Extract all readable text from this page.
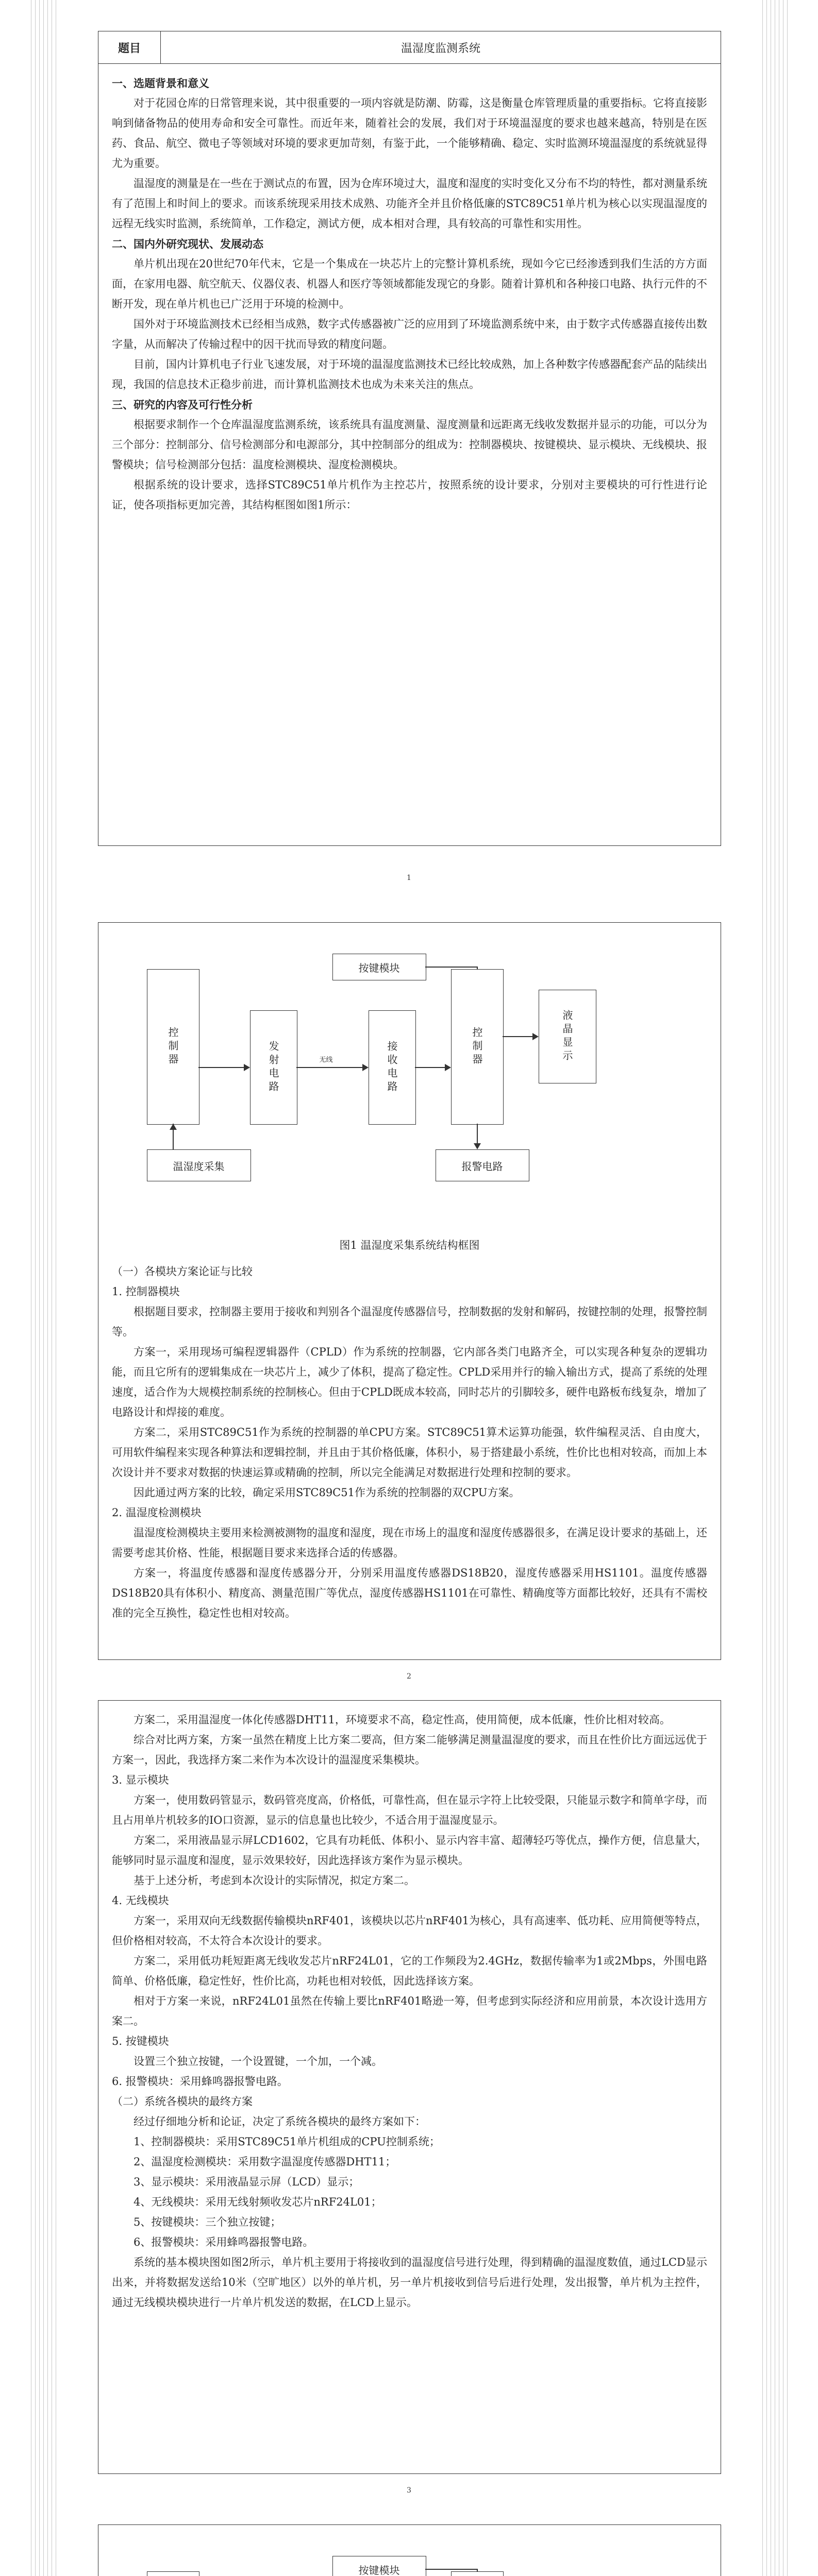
题目	温湿度监测系统

一、选题背景和意义

对于花园仓库的日常管理来说，其中很重要的一项内容就是防潮、防霉，这是衡量仓库管理质量的重要指标。它将直接影响到储备物品的使用寿命和安全可靠性。而近年来，随着社会的发展，我们对于环境温湿度的要求也越来越高，特别是在医药、食品、航空、微电子等领域对环境的要求更加苛刻，有鉴于此，一个能够精确、稳定、实时监测环境温湿度的系统就显得尤为重要。

温湿度的测量是在一些在于测试点的布置，因为仓库环境过大，温度和湿度的实时变化又分布不均的特性，都对测量系统有了范围上和时间上的要求。而该系统现采用技术成熟、功能齐全并且价格低廉的STC89C51单片机为核心以实现温湿度的远程无线实时监测，系统简单，工作稳定，测试方便，成本相对合理，具有较高的可靠性和实用性。

二、国内外研究现状、发展动态

单片机出现在20世纪70年代末，它是一个集成在一块芯片上的完整计算机系统，现如今它已经渗透到我们生活的方方面面，在家用电器、航空航天、仪器仪表、机器人和医疗等领域都能发现它的身影。随着计算机和各种接口电路、执行元件的不断开发，现在单片机也已广泛用于环境的检测中。

国外对于环境监测技术已经相当成熟，数字式传感器被广泛的应用到了环境监测系统中来，由于数字式传感器直接传出数字量，从而解决了传输过程中的因干扰而导致的精度问题。

目前，国内计算机电子行业飞速发展，对于环境的温湿度监测技术已经比较成熟，加上各种数字传感器配套产品的陆续出现，我国的信息技术正稳步前进，而计算机监测技术也成为未来关注的焦点。

三、研究的内容及可行性分析

根据要求制作一个仓库温湿度监测系统，该系统具有温度测量、湿度测量和远距离无线收发数据并显示的功能，可以分为三个部分：控制部分、信号检测部分和电源部分，其中控制部分的组成为：控制器模块、按键模块、显示模块、无线模块、报警模块；信号检测部分包括：温度检测模块、湿度检测模块。

根据系统的设计要求，选择STC89C51单片机作为主控芯片，按照系统的设计要求，分别对主要模块的可行性进行论证，使各项指标更加完善，其结构框图如图1所示：

1
控制器	发射电路	接收电路	控制器
按键模块
液晶显示
温湿度采集	报警电路
无线
图1 温湿度采集系统结构框图

（一）各模块方案论证与比较

1. 控制器模块

根据题目要求，控制器主要用于接收和判别各个温湿度传感器信号，控制数据的发射和解码，按键控制的处理，报警控制等。

方案一，采用现场可编程逻辑器件（CPLD）作为系统的控制器，它内部各类门电路齐全，可以实现各种复杂的逻辑功能，而且它所有的逻辑集成在一块芯片上，减少了体积，提高了稳定性。CPLD采用并行的输入输出方式，提高了系统的处理速度，适合作为大规模控制系统的控制核心。但由于CPLD既成本较高，同时芯片的引脚较多，硬件电路板布线复杂，增加了电路设计和焊接的难度。

方案二，采用STC89C51作为系统的控制器的单CPU方案。STC89C51算术运算功能强，软件编程灵活、自由度大，可用软件编程来实现各种算法和逻辑控制，并且由于其价格低廉，体积小，易于搭建最小系统，性价比也相对较高，而加上本次设计并不要求对数据的快速运算或精确的控制，所以完全能满足对数据进行处理和控制的要求。

因此通过两方案的比较，确定采用STC89C51作为系统的控制器的双CPU方案。

2. 温湿度检测模块

温湿度检测模块主要用来检测被测物的温度和湿度，现在市场上的温度和湿度传感器很多，在满足设计要求的基础上，还需要考虑其价格、性能，根据题目要求来选择合适的传感器。

方案一，将温度传感器和湿度传感器分开，分别采用温度传感器DS18B20，湿度传感器采用HS1101。温度传感器DS18B20具有体积小、精度高、测量范围广等优点，湿度传感器HS1101在可靠性、精确度等方面都比较好，还具有不需校准的完全互换性，稳定性也相对较高。

2

方案二，采用温湿度一体化传感器DHT11，环境要求不高，稳定性高，使用简便，成本低廉，性价比相对较高。

综合对比两方案，方案一虽然在精度上比方案二要高，但方案二能够满足测量温湿度的要求，而且在性价比方面远远优于方案一，因此，我选择方案二来作为本次设计的温湿度采集模块。

3. 显示模块

方案一，使用数码管显示，数码管亮度高，价格低，可靠性高，但在显示字符上比较受限，只能显示数字和简单字母，而且占用单片机较多的IO口资源，显示的信息量也比较少，不适合用于温湿度显示。

方案二，采用液晶显示屏LCD1602，它具有功耗低、体积小、显示内容丰富、超薄轻巧等优点，操作方便，信息量大，能够同时显示温度和湿度，显示效果较好，因此选择该方案作为显示模块。

基于上述分析，考虑到本次设计的实际情况，拟定方案二。

4. 无线模块

方案一，采用双向无线数据传输模块nRF401，该模块以芯片nRF401为核心，具有高速率、低功耗、应用简便等特点，但价格相对较高，不太符合本次设计的要求。

方案二，采用低功耗短距离无线收发芯片nRF24L01，它的工作频段为2.4GHz，数据传输率为1或2Mbps，外围电路简单、价格低廉，稳定性好，性价比高，功耗也相对较低，因此选择该方案。

相对于方案一来说，nRF24L01虽然在传输上要比nRF401略逊一筹，但考虑到实际经济和应用前景，本次设计选用方案二。

5. 按键模块

设置三个独立按键，一个设置键，一个加，一个减。

6. 报警模块：采用蜂鸣器报警电路。

（二）系统各模块的最终方案

经过仔细地分析和论证，决定了系统各模块的最终方案如下：

1、控制器模块：采用STC89C51单片机组成的CPU控制系统；

2、温湿度检测模块：采用数字温湿度传感器DHT11；

3、显示模块：采用液晶显示屏（LCD）显示；

4、无线模块：采用无线射频收发芯片nRF24L01；

5、按键模块：三个独立按键；

6、报警模块：采用蜂鸣器报警电路。

系统的基本模块图如图2所示，单片机主要用于将接收到的温湿度信号进行处理，得到精确的温湿度数值，通过LCD显示出来，并将数据发送给10米（空旷地区）以外的单片机，另一单片机接收到信号后进行处理，发出报警，单片机为主控件，通过无线模块模块进行一片单片机发送的数据，在LCD上显示。

3
按键模块
